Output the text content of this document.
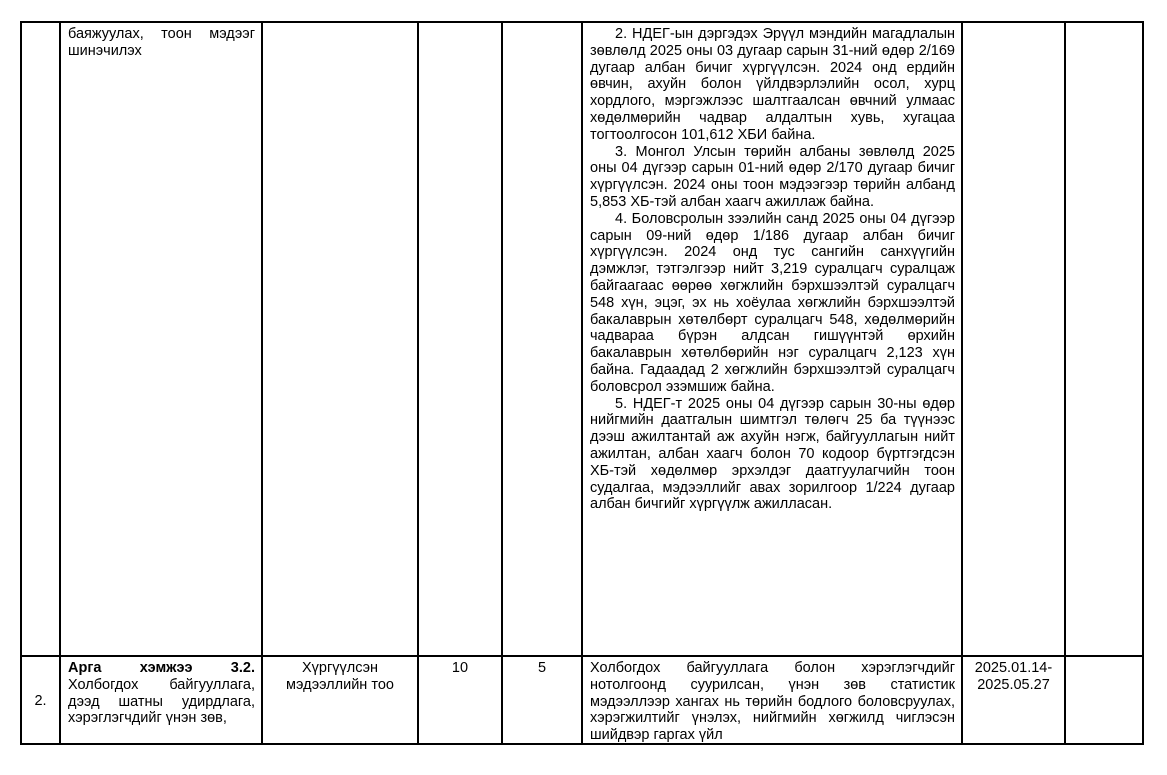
	баяжуулах, тоон мэдээг шинэчилэх				2. НДЕГ-ын дэргэдэх Эрүүл мэндийн магадлалын зөвлөлд 2025 оны 03 дугаар сарын 31-ний өдөр 2/169 дугаар албан бичиг хүргүүлсэн. 2024 онд ердийн өвчин, ахуйн болон үйлдвэрлэлийн осол, хурц хордлого, мэргэжлээс шалтгаалсан өвчний улмаас хөдөлмөрийн чадвар алдалтын хувь, хугацаа тогтоолгосон 101,612 ХБИ байна.

3. Монгол Улсын төрийн албаны зөвлөлд 2025 оны 04 дүгээр сарын 01-ний өдөр 2/170 дугаар бичиг хүргүүлсэн. 2024 оны тоон мэдээгээр төрийн албанд 5,853 ХБ-тэй албан хаагч ажиллаж байна.

4. Боловсролын зээлийн санд 2025 оны 04 дүгээр сарын 09-ний өдөр 1/186 дугаар албан бичиг хүргүүлсэн. 2024 онд тус сангийн санхүүгийн дэмжлэг, тэтгэлгээр нийт 3,219 суралцагч суралцаж байгаагаас өөрөө хөгжлийн бэрхшээлтэй суралцагч 548 хүн, эцэг, эх нь хоёулаа хөгжлийн бэрхшээлтэй бакалаврын хөтөлбөрт суралцагч 548, хөдөлмөрийн чадвараа бүрэн алдсан гишүүнтэй өрхийн бакалаврын хөтөлбөрийн нэг суралцагч 2,123 хүн байна. Гадаадад 2 хөгжлийн бэрхшээлтэй суралцагч боловсрол эзэмшиж байна.

5. НДЕГ-т 2025 оны 04 дүгээр сарын 30-ны өдөр нийгмийн даатгалын шимтгэл төлөгч 25 ба түүнээс дээш ажилтантай аж ахуйн нэгж, байгууллагын нийт ажилтан, албан хаагч болон 70 кодоор бүртгэгдсэн ХБ-тэй хөдөлмөр эрхэлдэг даатгуулагчийн тоон судалгаа, мэдээллийг авах зорилгоор 1/224 дугаар албан бичгийг хүргүүлж ажилласан.		

2.	Арга хэмжээ 3.2. Холбогдох байгууллага, дээд шатны удирдлага, хэрэглэгчдийг үнэн зөв,	Хүргүүлсэн мэдээллийн тоо	10	5	Холбогдох байгууллага болон хэрэглэгчдийг нотолгоонд суурилсан, үнэн зөв статистик мэдээллээр хангах нь төрийн бодлого боловсруулах, хэрэгжилтийг үнэлэх, нийгмийн хөгжилд чиглэсэн шийдвэр гаргах үйл	2025.01.14-2025.05.27	
